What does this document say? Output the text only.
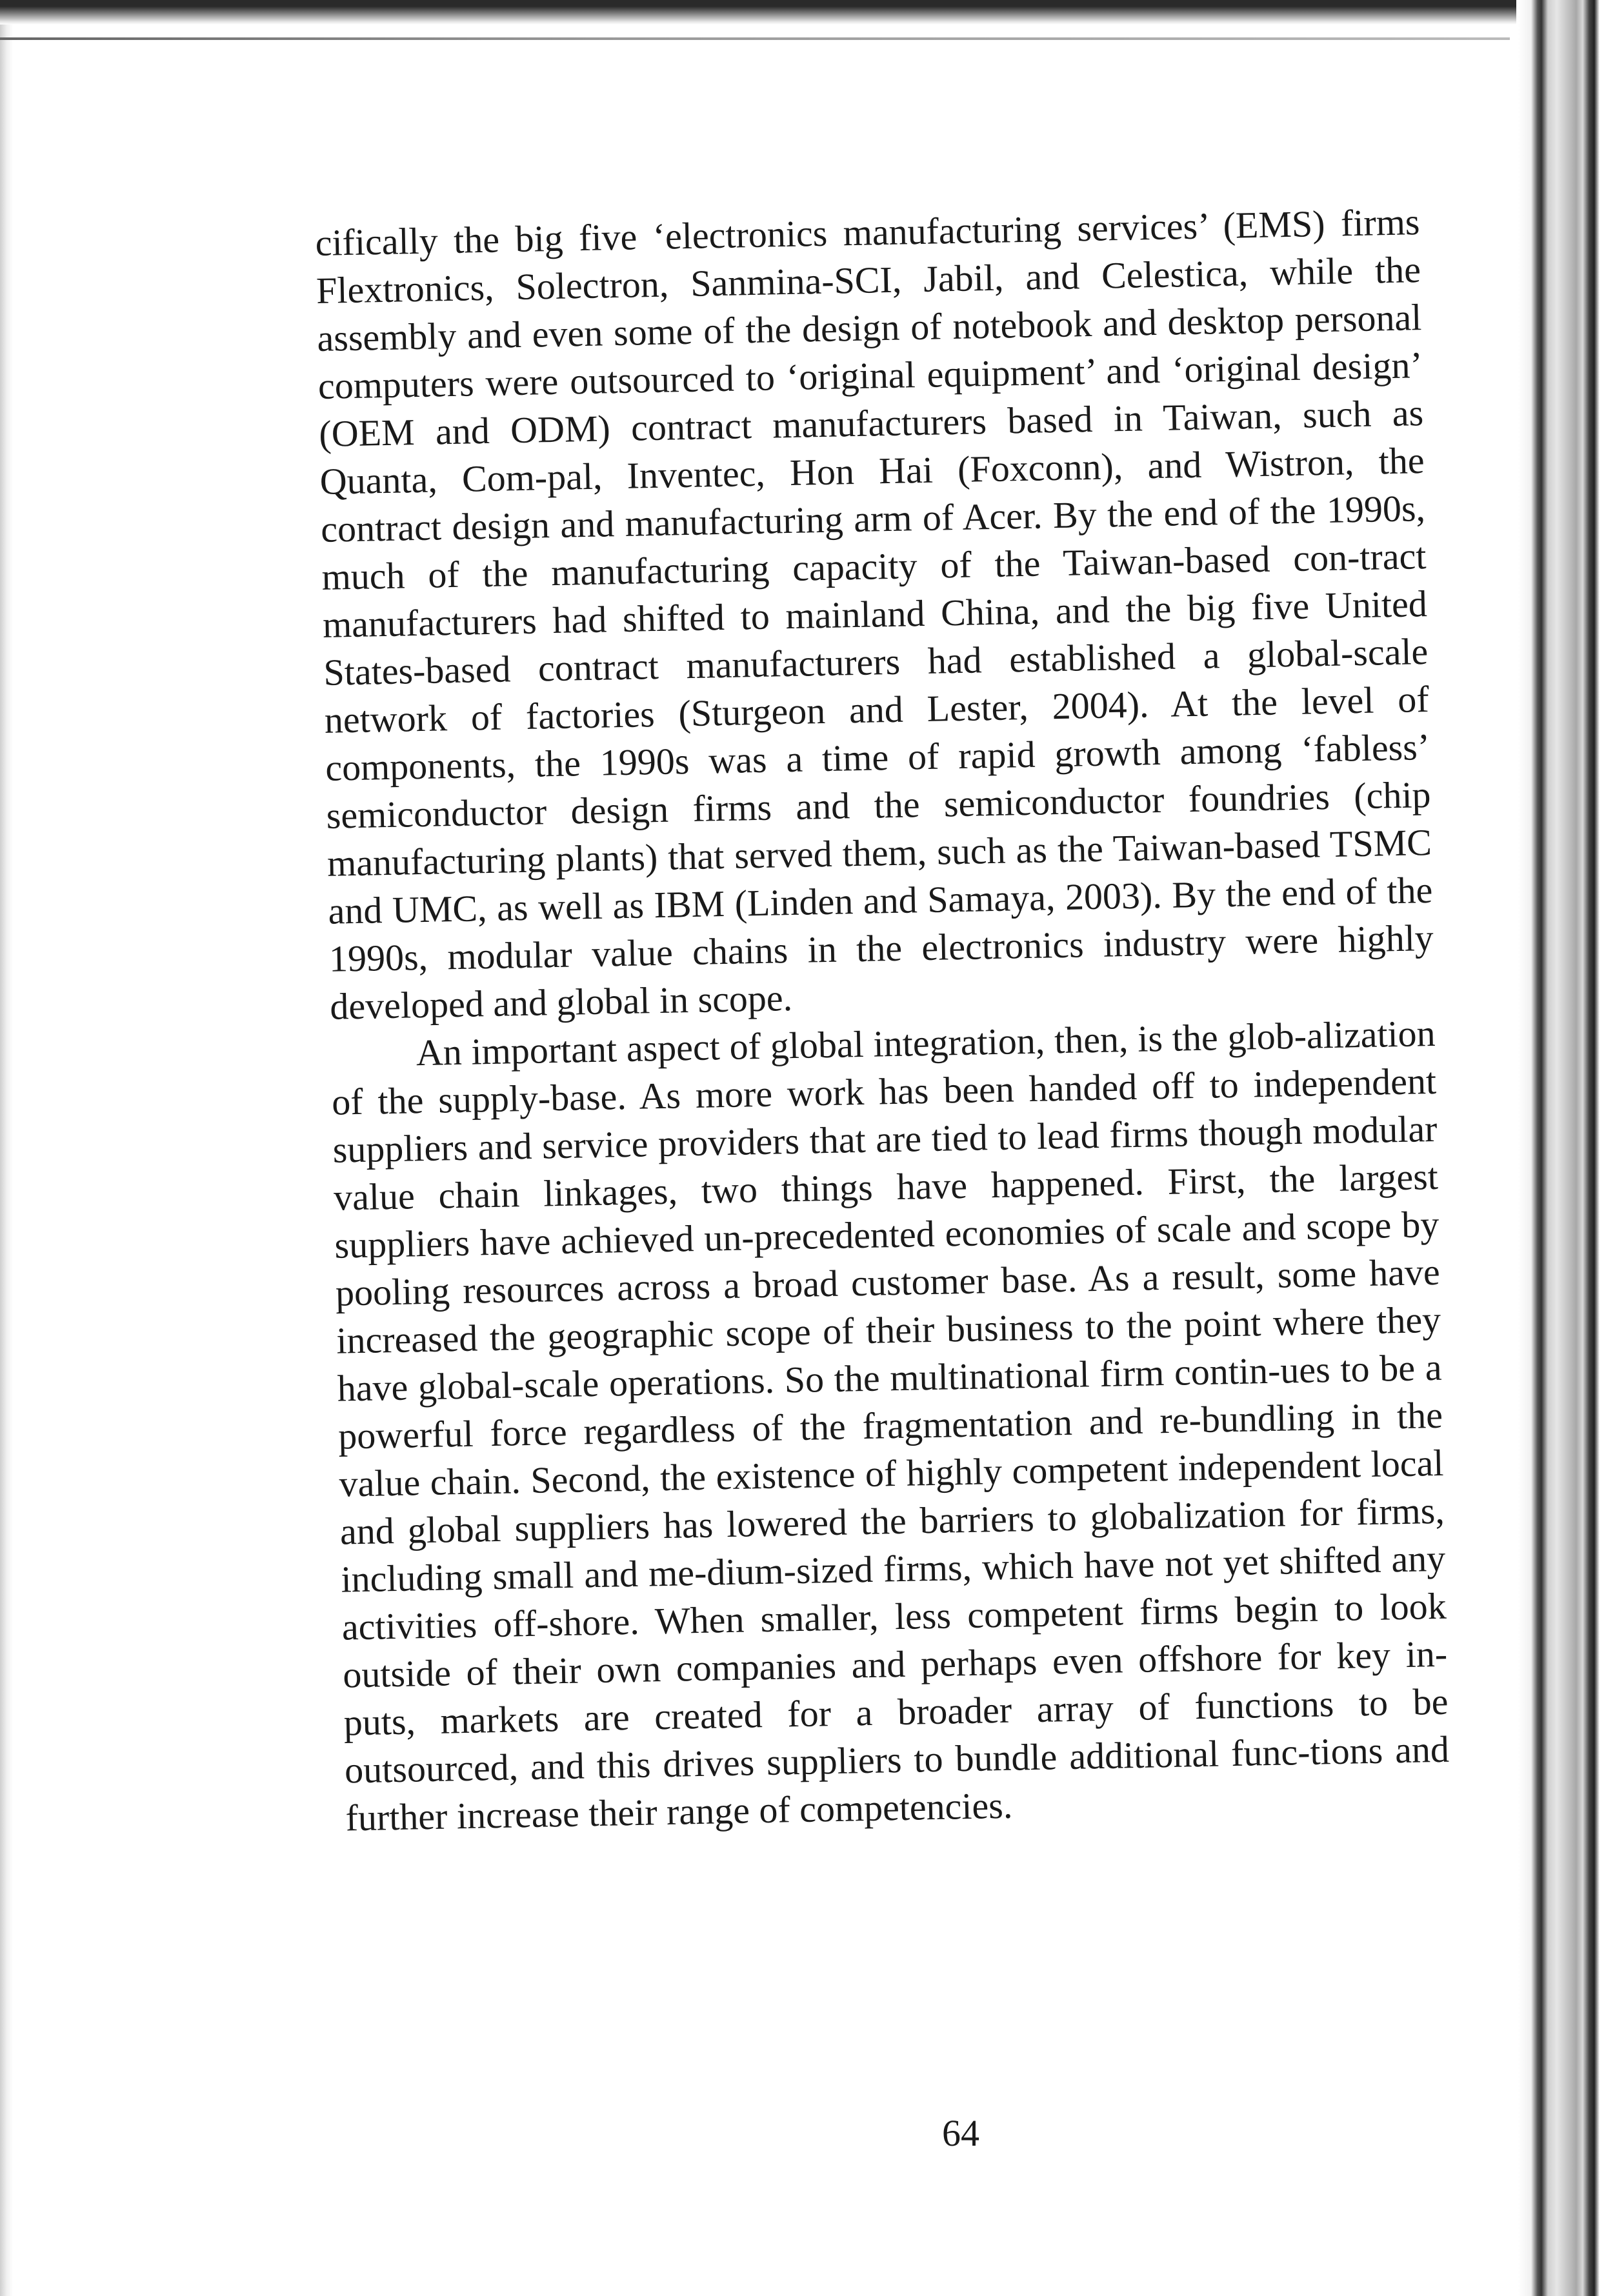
cifically the big five ‘electronics manufacturing services’ (EMS) firms Flextronics, Solectron, Sanmina-SCI, Jabil, and Celestica, while the assembly and even some of the design of notebook and desktop personal computers were outsourced to ‘original equipment’ and ‘original design’ (OEM and ODM) contract manufacturers based in Taiwan, such as Quanta, Com-pal, Inventec, Hon Hai (Foxconn), and Wistron, the contract design and manufacturing arm of Acer. By the end of the 1990s, much of the manufacturing capacity of the Taiwan-based con-tract manufacturers had shifted to mainland China, and the big five United States-based contract manufacturers had established a global-scale network of factories (Sturgeon and Lester, 2004). At the level of components, the 1990s was a time of rapid growth among ‘fabless’ semiconductor design firms and the semiconductor foundries (chip manufacturing plants) that served them, such as the Taiwan-based TSMC and UMC, as well as IBM (Linden and Samaya, 2003). By the end of the 1990s, modular value chains in the electronics industry were highly developed and global in scope.

An important aspect of global integration, then, is the glob-alization of the supply-base. As more work has been handed off to independent suppliers and service providers that are tied to lead firms though modular value chain linkages, two things have happened. First, the largest suppliers have achieved un-precedented economies of scale and scope by pooling resources across a broad customer base. As a result, some have increased the geographic scope of their business to the point where they have global-scale operations. So the multinational firm contin-ues to be a powerful force regardless of the fragmentation and re-bundling in the value chain. Second, the existence of highly competent independent local and global suppliers has lowered the barriers to globalization for firms, including small and me-dium-sized firms, which have not yet shifted any activities off-shore. When smaller, less competent firms begin to look outside of their own companies and perhaps even offshore for key in-puts, markets are created for a broader array of functions to be outsourced, and this drives suppliers to bundle additional func-tions and further increase their range of competencies.

64
